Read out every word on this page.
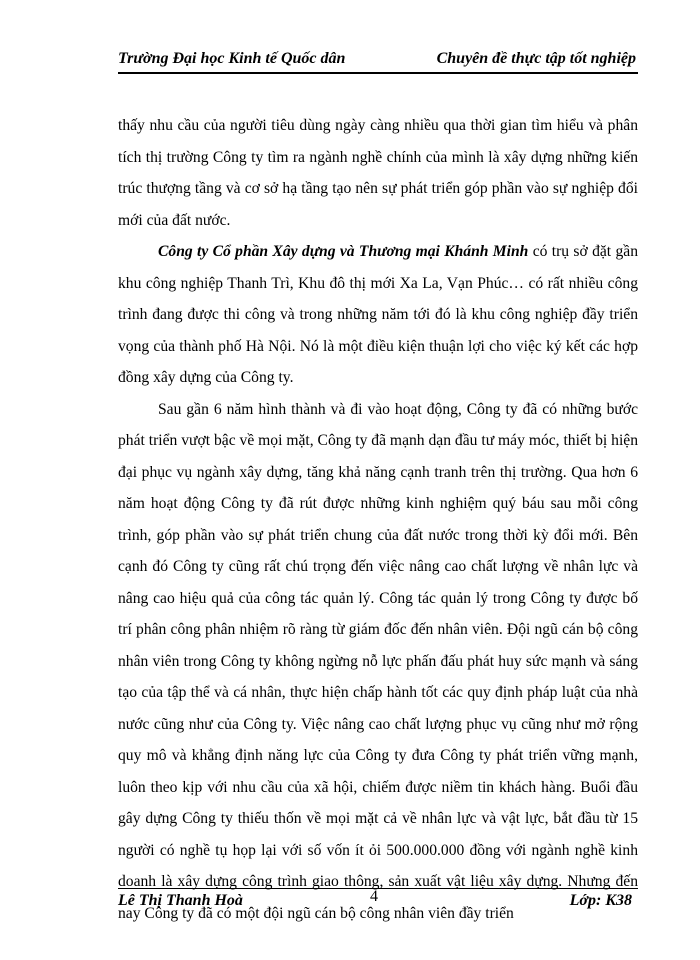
Trường Đại học Kinh tế Quốc dân	Chuyên đề thực tập tốt nghiệp

thấy nhu cầu của người tiêu dùng ngày càng nhiều qua thời gian tìm hiểu và phân tích thị trường Công ty tìm ra ngành nghề chính của mình là xây dựng những kiến trúc thượng tầng và cơ sở hạ tầng tạo nên sự phát triển góp phần vào sự nghiệp đổi mới của đất nước.

Công ty Cổ phần Xây dựng và Thương mại Khánh Minh có trụ sở đặt gần khu công nghiệp Thanh Trì, Khu đô thị mới Xa La, Vạn Phúc… có rất nhiều công trình đang được thi công và trong những năm tới đó là khu công nghiệp đầy triển vọng của thành phố Hà Nội. Nó là một điều kiện thuận lợi cho việc ký kết các hợp đồng xây dựng của Công ty.

Sau gần 6 năm hình thành và đi vào hoạt động, Công ty đã có những bước phát triển vượt bậc về mọi mặt, Công ty đã mạnh dạn đầu tư máy móc, thiết bị hiện đại phục vụ ngành xây dựng, tăng khả năng cạnh tranh trên thị trường. Qua hơn 6 năm hoạt động Công ty đã rút được những kinh nghiệm quý báu sau mỗi công trình, góp phần vào sự phát triển chung của đất nước trong thời kỳ đổi mới. Bên cạnh đó Công ty cũng rất chú trọng đến việc nâng cao chất lượng về nhân lực và nâng cao hiệu quả của công tác quản lý. Công tác quản lý trong Công ty được bố trí phân công phân nhiệm rõ ràng từ giám đốc đến nhân viên. Đội ngũ cán bộ công nhân viên trong Công ty không ngừng nỗ lực phấn đấu phát huy sức mạnh và sáng tạo của tập thể và cá nhân, thực hiện chấp hành tốt các quy định pháp luật của nhà nước cũng như của Công ty. Việc nâng cao chất lượng phục vụ cũng như mở rộng quy mô và khẳng định năng lực của Công ty đưa Công ty phát triển vững mạnh, luôn theo kịp với nhu cầu của xã hội, chiếm được niềm tin khách hàng. Buổi đầu gây dựng Công ty thiếu thốn về mọi mặt cả về nhân lực và vật lực, bắt đầu từ 15 người có nghề tụ họp lại với số vốn ít ỏi 500.000.000 đồng với ngành nghề kinh doanh là xây dựng công trình giao thông, sản xuất vật liệu xây dựng. Nhưng đến nay Công ty đã có một đội ngũ cán bộ công nhân viên đầy triển

Lê Thị Thanh Hoà	4	Lớp: K38
